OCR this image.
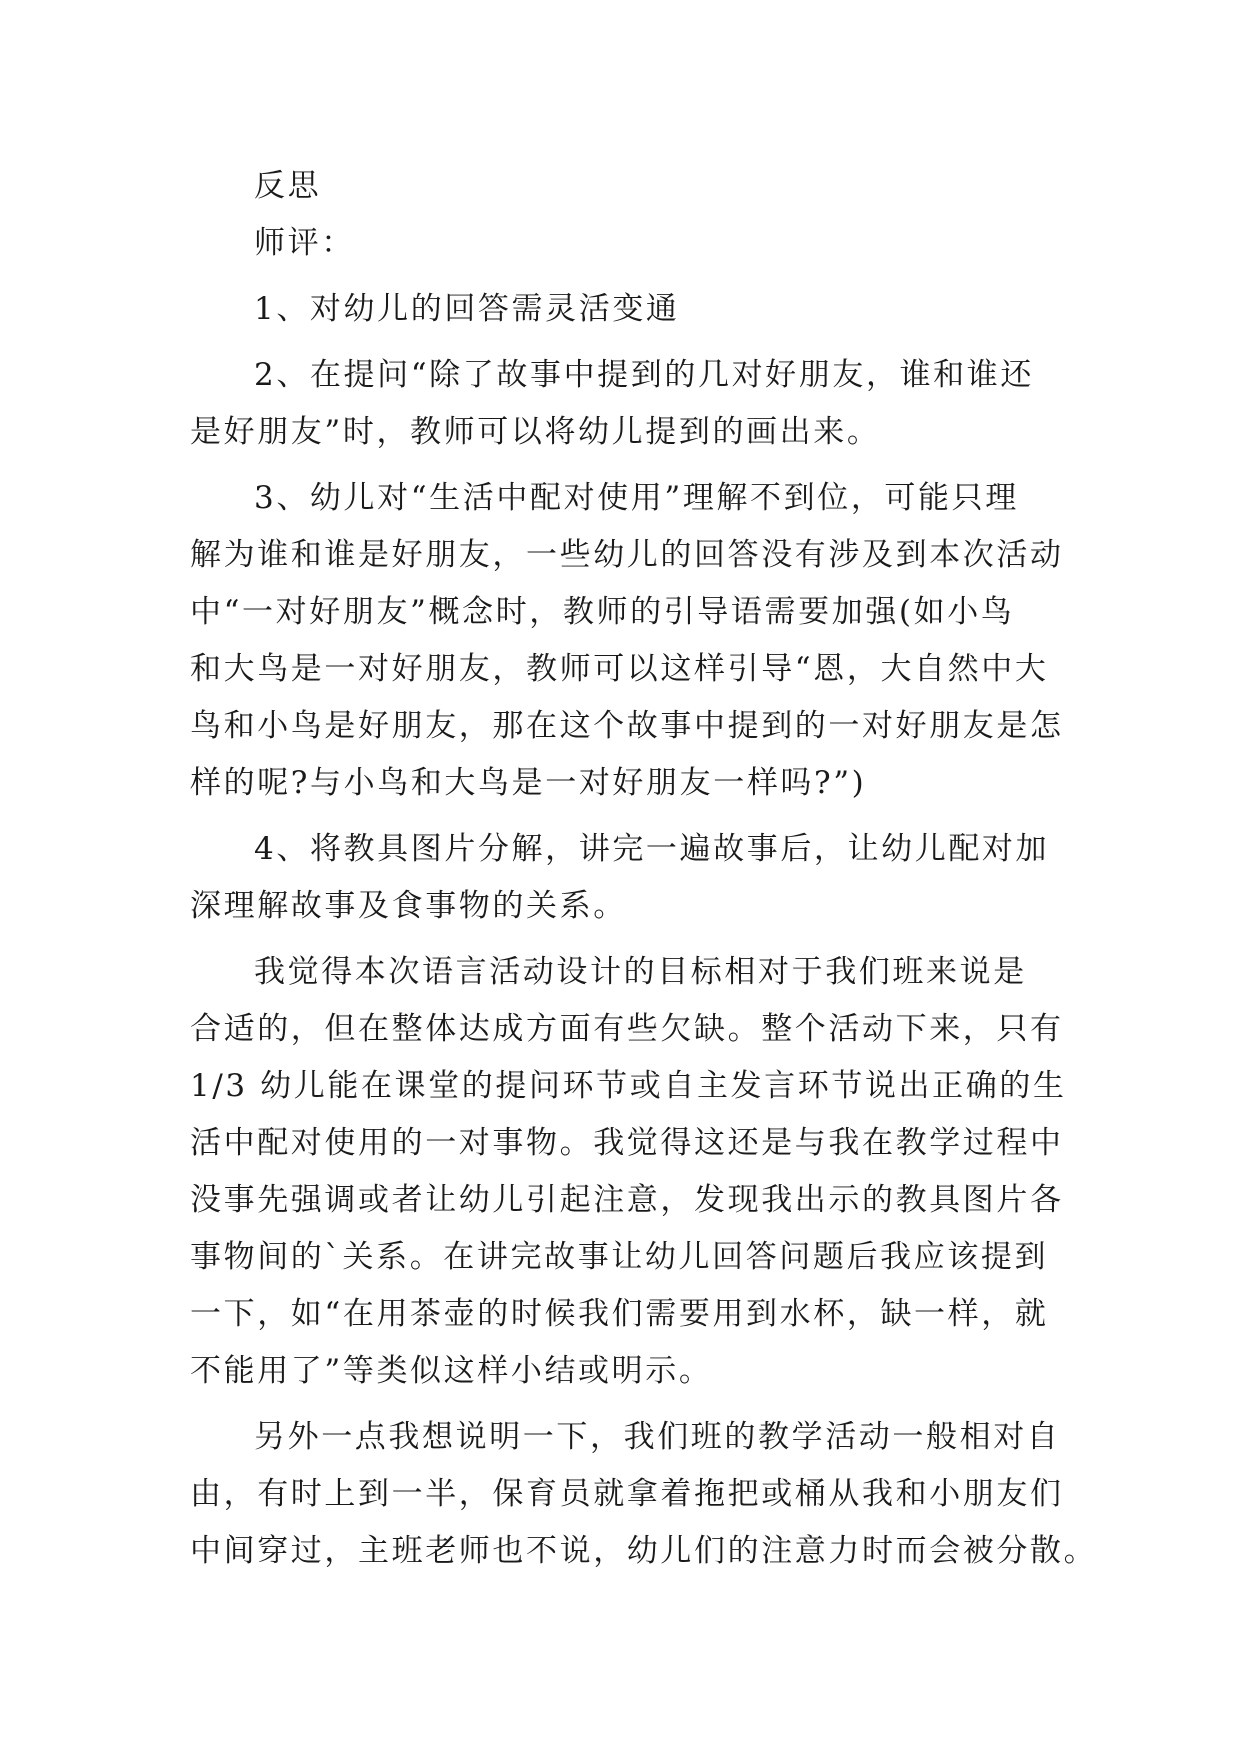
反思

师评：

1、对幼儿的回答需灵活变通

2、在提问“除了故事中提到的几对好朋友，谁和谁还

是好朋友”时，教师可以将幼儿提到的画出来。

3、幼儿对“生活中配对使用”理解不到位，可能只理

解为谁和谁是好朋友，一些幼儿的回答没有涉及到本次活动

中“一对好朋友”概念时，教师的引导语需要加强(如小鸟

和大鸟是一对好朋友，教师可以这样引导“恩，大自然中大

鸟和小鸟是好朋友，那在这个故事中提到的一对好朋友是怎

样的呢?与小鸟和大鸟是一对好朋友一样吗?”)

4、将教具图片分解，讲完一遍故事后，让幼儿配对加

深理解故事及食事物的关系。

我觉得本次语言活动设计的目标相对于我们班来说是

合适的，但在整体达成方面有些欠缺。整个活动下来，只有

1/3 幼儿能在课堂的提问环节或自主发言环节说出正确的生

活中配对使用的一对事物。我觉得这还是与我在教学过程中

没事先强调或者让幼儿引起注意，发现我出示的教具图片各

事物间的`关系。在讲完故事让幼儿回答问题后我应该提到

一下，如“在用茶壶的时候我们需要用到水杯，缺一样，就

不能用了”等类似这样小结或明示。

另外一点我想说明一下，我们班的教学活动一般相对自

由，有时上到一半，保育员就拿着拖把或桶从我和小朋友们

中间穿过，主班老师也不说，幼儿们的注意力时而会被分散。
